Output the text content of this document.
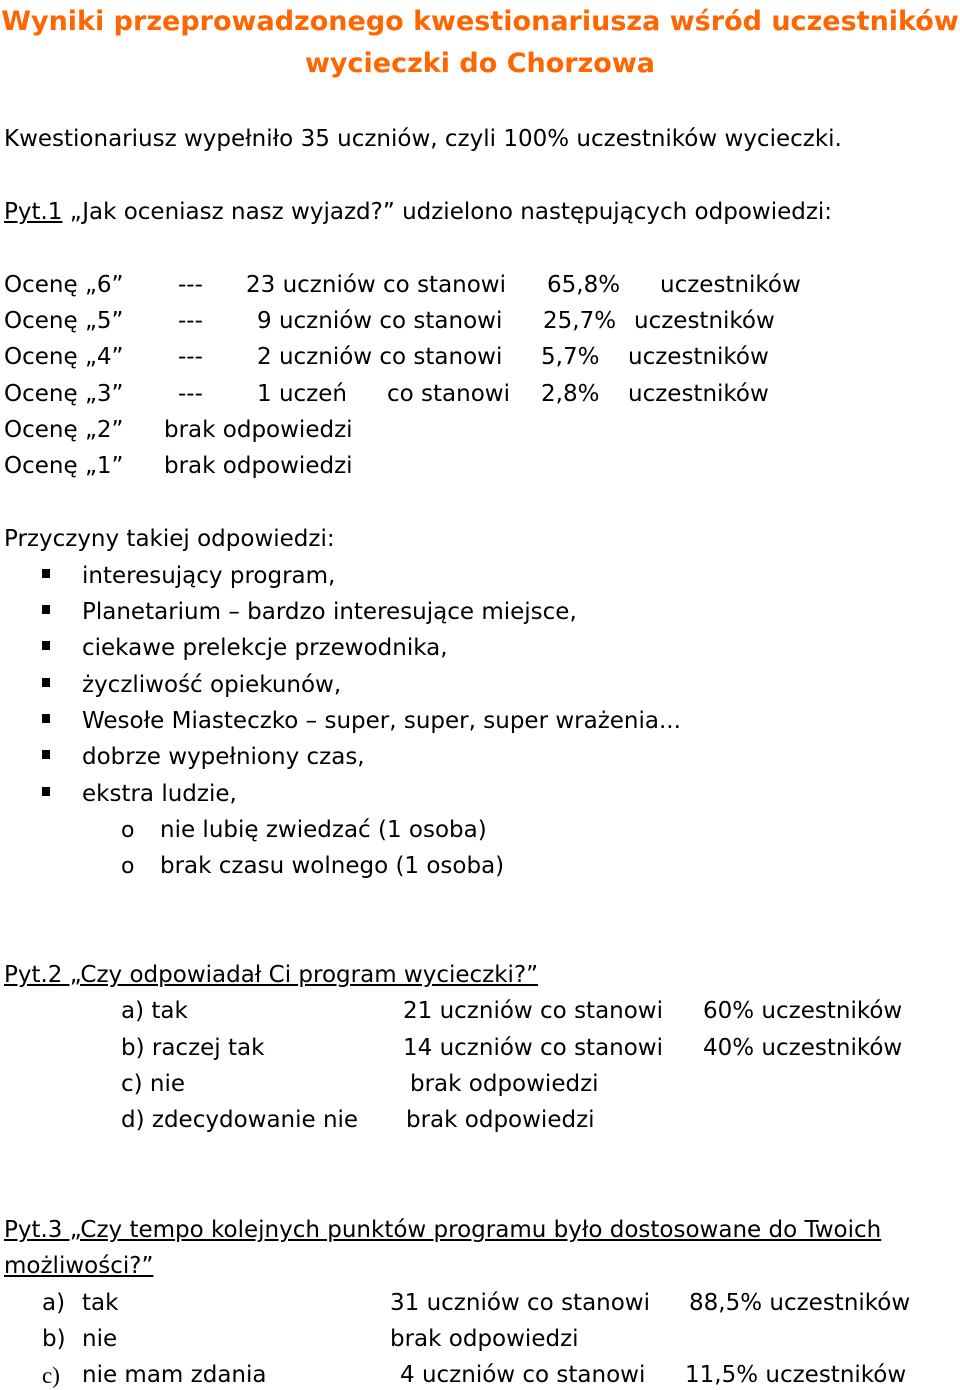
Wyniki przeprowadzonego kwestionariusza wśród uczestników
wycieczki do Chorzowa
Kwestionariusz wypełniło 35 uczniów, czyli 100% uczestników wycieczki.
Pyt.1 „Jak oceniasz nasz wyjazd?” udzielono następujących odpowiedzi:
Ocenę „6” --- 23 uczniów co stanowi 65,8% uczestników
Ocenę „5” --- 9 uczniów co stanowi 25,7% uczestników
Ocenę „4” --- 2 uczniów co stanowi 5,7% uczestników
Ocenę „3” --- 1 uczeń co stanowi 2,8% uczestników
Ocenę „2” brak odpowiedzi
Ocenę „1” brak odpowiedzi
Przyczyny takiej odpowiedzi:
interesujący program,
Planetarium – bardzo interesujące miejsce,
ciekawe prelekcje przewodnika,
życzliwość opiekunów,
Wesołe Miasteczko – super, super, super wrażenia...
dobrze wypełniony czas,
ekstra ludzie,
o nie lubię zwiedzać (1 osoba)
o brak czasu wolnego (1 osoba)
Pyt.2 „Czy odpowiadał Ci program wycieczki?”
a) tak	21 uczniów co stanowi 60% uczestników
b) raczej tak	14 uczniów co stanowi 40% uczestników
c) nie	brak odpowiedzi
d) zdecydowanie nie brak odpowiedzi
Pyt.3 „Czy tempo kolejnych punktów programu było dostosowane do Twoich
możliwości?”
a) tak	31 uczniów co stanowi 88,5% uczestników
b) nie	brak odpowiedzi
c) nie mam zdania	4 uczniów co stanowi 11,5% uczestników
